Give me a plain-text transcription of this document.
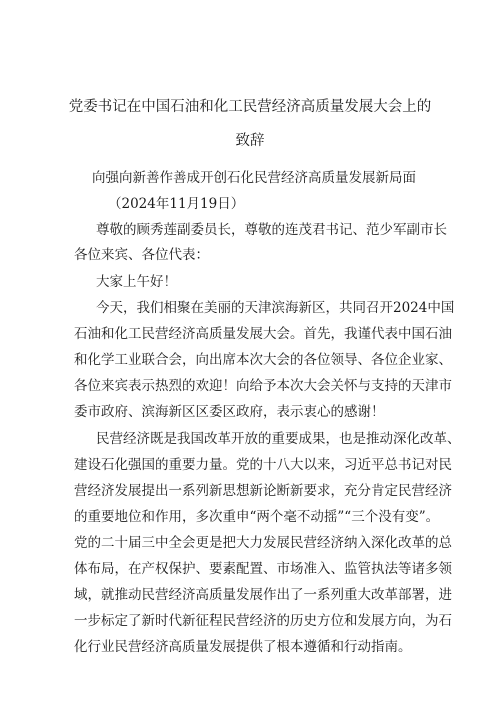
党委书记在中国石油和化工民营经济高质量发展大会上的
致辞
向强向新善作善成开创石化民营经济高质量发展新局面
（2024年11月19日）
尊敬的顾秀莲副委员长，尊敬的连茂君书记、范少军副市长
各位来宾、各位代表：
大家上午好！
今天，我们相聚在美丽的天津滨海新区，共同召开2024中国
石油和化工民营经济高质量发展大会。首先，我谨代表中国石油
和化学工业联合会，向出席本次大会的各位领导、各位企业家、
各位来宾表示热烈的欢迎！向给予本次大会关怀与支持的天津市
委市政府、滨海新区区委区政府，表示衷心的感谢！
民营经济既是我国改革开放的重要成果，也是推动深化改革、
建设石化强国的重要力量。党的十八大以来，习近平总书记对民
营经济发展提出一系列新思想新论断新要求，充分肯定民营经济
的重要地位和作用，多次重申“两个毫不动摇”“三个没有变”。
党的二十届三中全会更是把大力发展民营经济纳入深化改革的总
体布局，在产权保护、要素配置、市场准入、监管执法等诸多领
域，就推动民营经济高质量发展作出了一系列重大改革部署，进
一步标定了新时代新征程民营经济的历史方位和发展方向，为石
化行业民营经济高质量发展提供了根本遵循和行动指南。
